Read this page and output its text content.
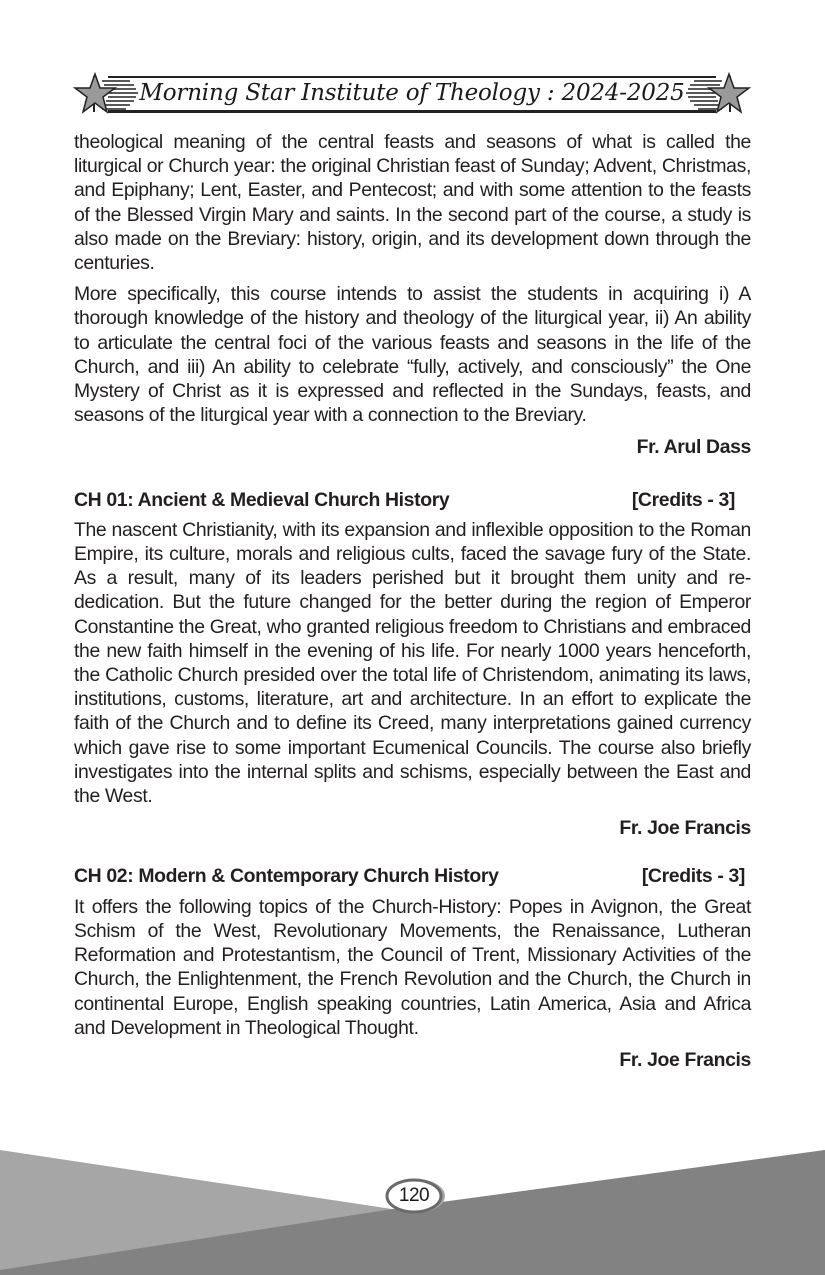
Morning Star Institute of Theology : 2024-2025

theological meaning of the central feasts and seasons of what is called the liturgical or Church year: the original Christian feast of Sunday; Advent, Christmas, and Epiphany; Lent, Easter, and Pentecost; and with some attention to the feasts of the Blessed Virgin Mary and saints. In the second part of the course, a study is also made on the Breviary: history, origin, and its development down through the centuries.

More specifically, this course intends to assist the students in acquiring i) A thorough knowledge of the history and theology of the liturgical year, ii) An ability to articulate the central foci of the various feasts and seasons in the life of the Church, and iii) An ability to celebrate “fully, actively, and consciously” the One Mystery of Christ as it is expressed and reflected in the Sundays, feasts, and seasons of the liturgical year with a connection to the Breviary.

Fr. Arul Dass

CH 01: Ancient & Medieval Church History	[Credits - 3]

The nascent Christianity, with its expansion and inflexible opposition to the Roman Empire, its culture, morals and religious cults, faced the savage fury of the State. As a result, many of its leaders perished but it brought them unity and re-dedication. But the future changed for the better during the region of Emperor Constantine the Great, who granted religious freedom to Christians and embraced the new faith himself in the evening of his life. For nearly 1000 years henceforth, the Catholic Church presided over the total life of Christendom, animating its laws, institutions, customs, literature, art and architecture. In an effort to explicate the faith of the Church and to define its Creed, many interpretations gained currency which gave rise to some important Ecumenical Councils. The course also briefly investigates into the internal splits and schisms, especially between the East and the West.

Fr. Joe Francis

CH 02: Modern & Contemporary Church History	[Credits - 3]

It offers the following topics of the Church-History: Popes in Avignon, the Great Schism of the West, Revolutionary Movements, the Renaissance, Lutheran Reformation and Protestantism, the Council of Trent, Missionary Activities of the Church, the Enlightenment, the French Revolution and the Church, the Church in continental Europe, English speaking countries, Latin America, Asia and Africa and Development in Theological Thought.

Fr. Joe Francis

120
